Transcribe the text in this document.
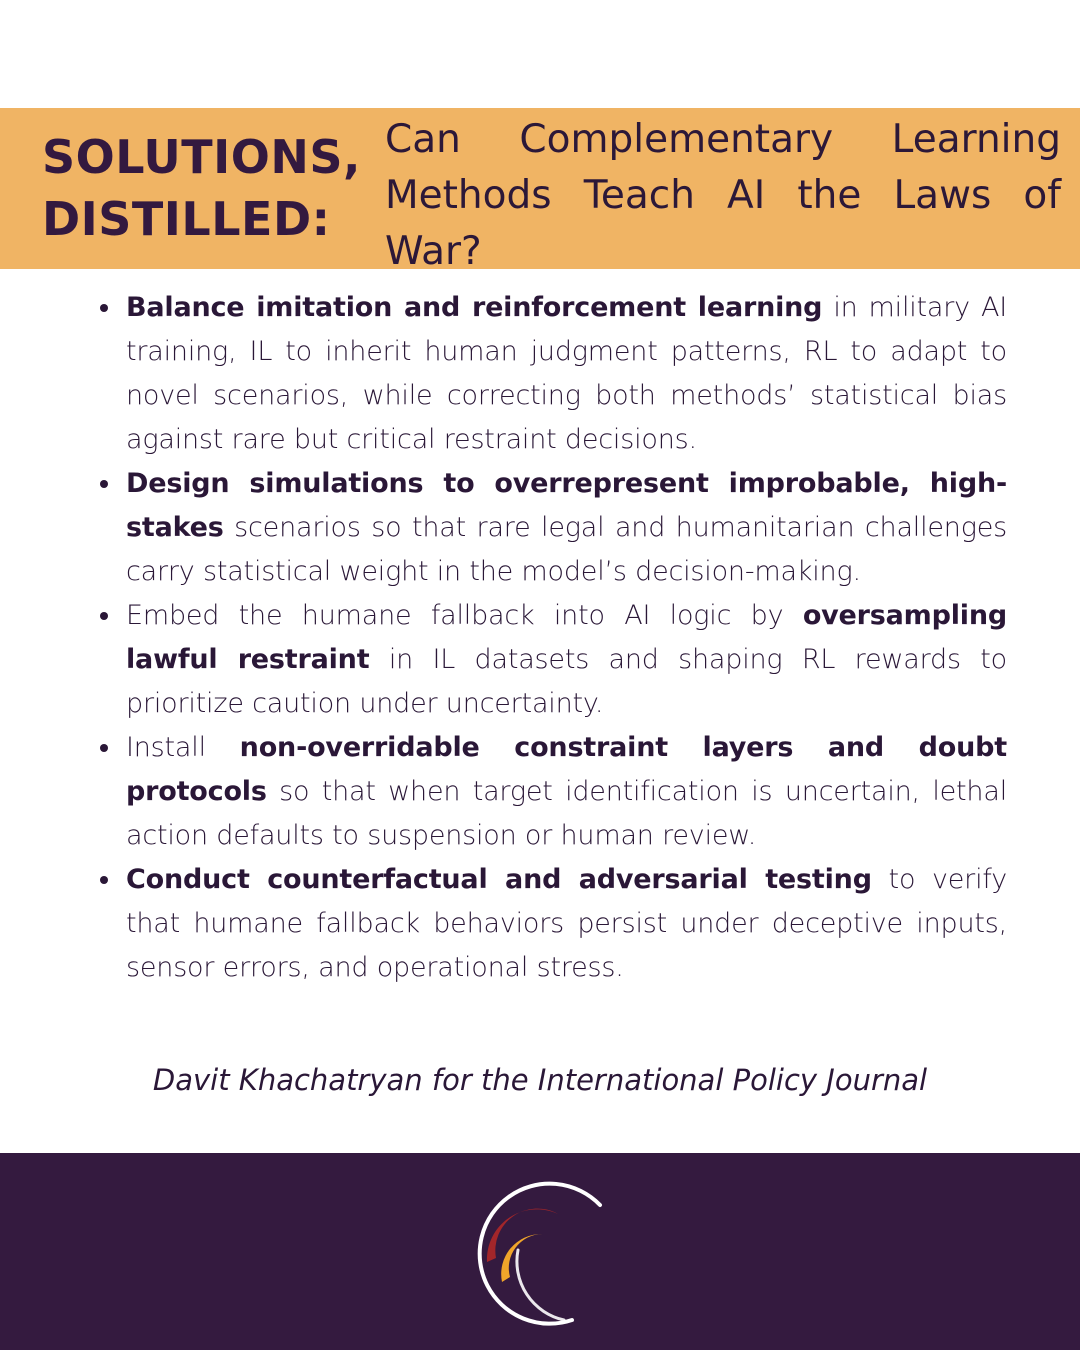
SOLUTIONS,
DISTILLED:
Can Complementary Learning Methods Teach AI the Laws of War?
Balance imitation and reinforcement learning in military AI training, IL to inherit human judgment patterns, RL to adapt to novel scenarios, while correcting both methods’ statistical bias against rare but critical restraint decisions.
Design simulations to overrepresent improbable, high-stakes scenarios so that rare legal and humanitarian challenges carry statistical weight in the model’s decision-making.
Embed the humane fallback into AI logic by oversampling lawful restraint in IL datasets and shaping RL rewards to prioritize caution under uncertainty.
Install non-overridable constraint layers and doubt protocols so that when target identification is uncertain, lethal action defaults to suspension or human review.
Conduct counterfactual and adversarial testing to verify that humane fallback behaviors persist under deceptive inputs, sensor errors, and operational stress.

Davit Khachatryan for the International Policy Journal
